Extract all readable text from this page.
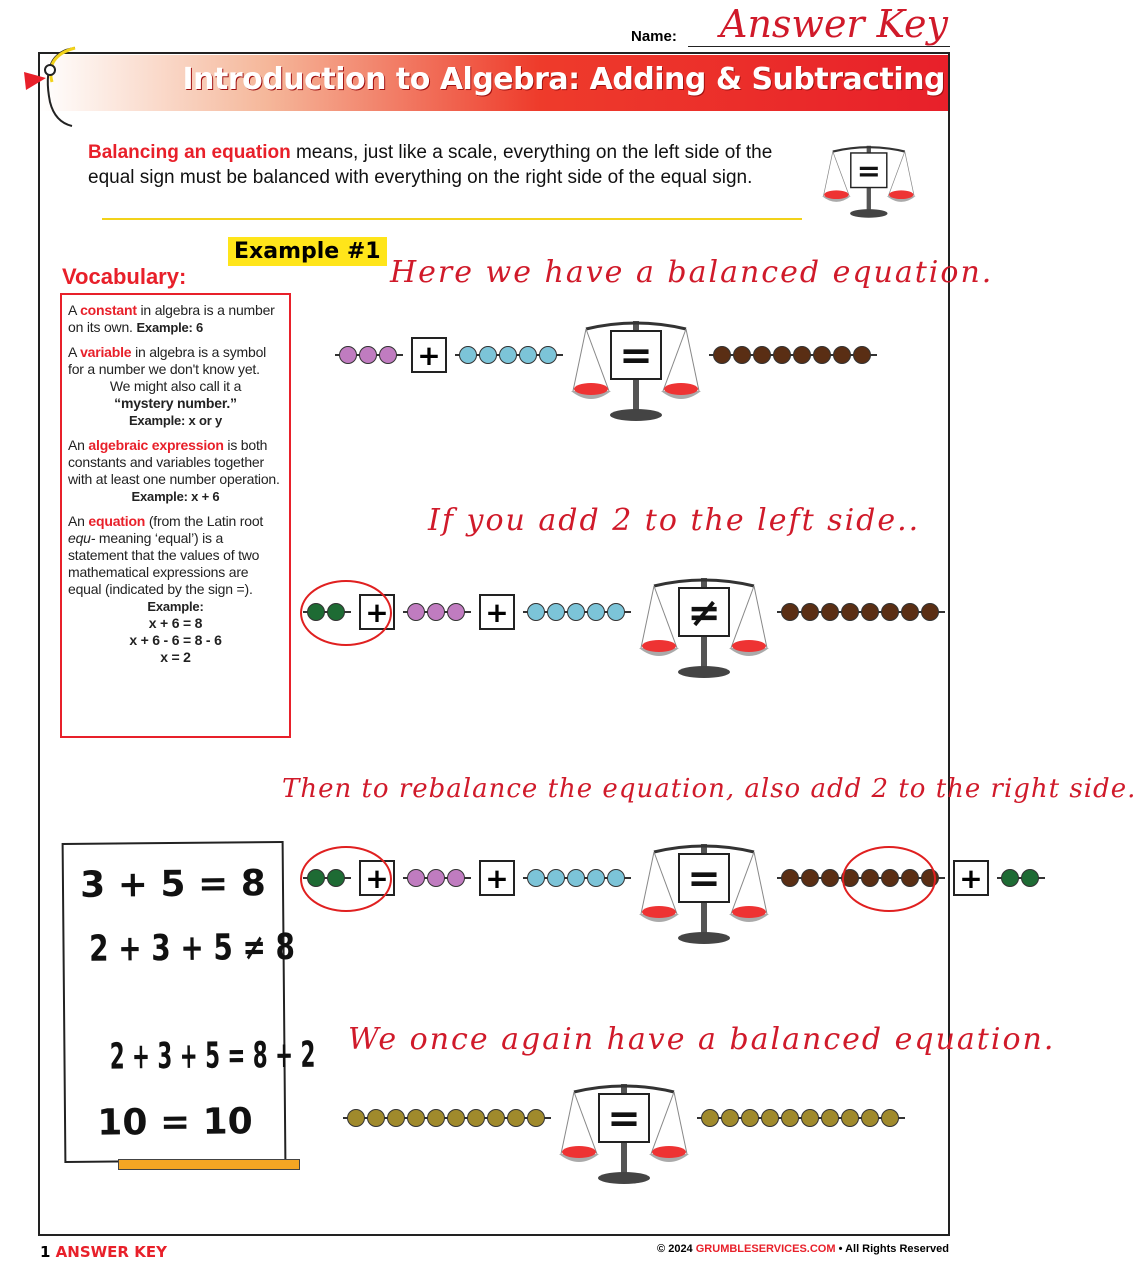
Introduction to Algebra: Adding & Subtracting
Name: Answer Key
Balancing an equation means, just like a scale, everything on the left side of the equal sign must be balanced with everything on the right side of the equal sign.	=
Example #1
Vocabulary:

A constant in algebra is a number on its own. Example: 6

A variable in algebra is a symbol for a number we don't know yet.
We might also call it a
“mystery number.”
Example: x or y

An algebraic expression is both constants and variables together with at least one number operation.
Example: x + 6

An equation (from the Latin root equ- meaning ‘equal’) is a statement that the values of two mathematical expressions are equal (indicated by the sign =).
Example:
x + 6 = 8
x + 6 - 6 = 8 - 6
x = 2

Here we have a balanced equation.
If you add 2 to the left side..
Then to rebalance the equation, also add 2 to the right side.
We once again have a balanced equation.
+	=
+	+	≠
+	+	=	+
=
3 + 5 = 8
2 + 3 + 5 ≠ 8
2 + 3 + 5 = 8 + 2
10 = 10
1 ANSWER KEY	© 2024 GRUMBLESERVICES.COM • All Rights Reserved
